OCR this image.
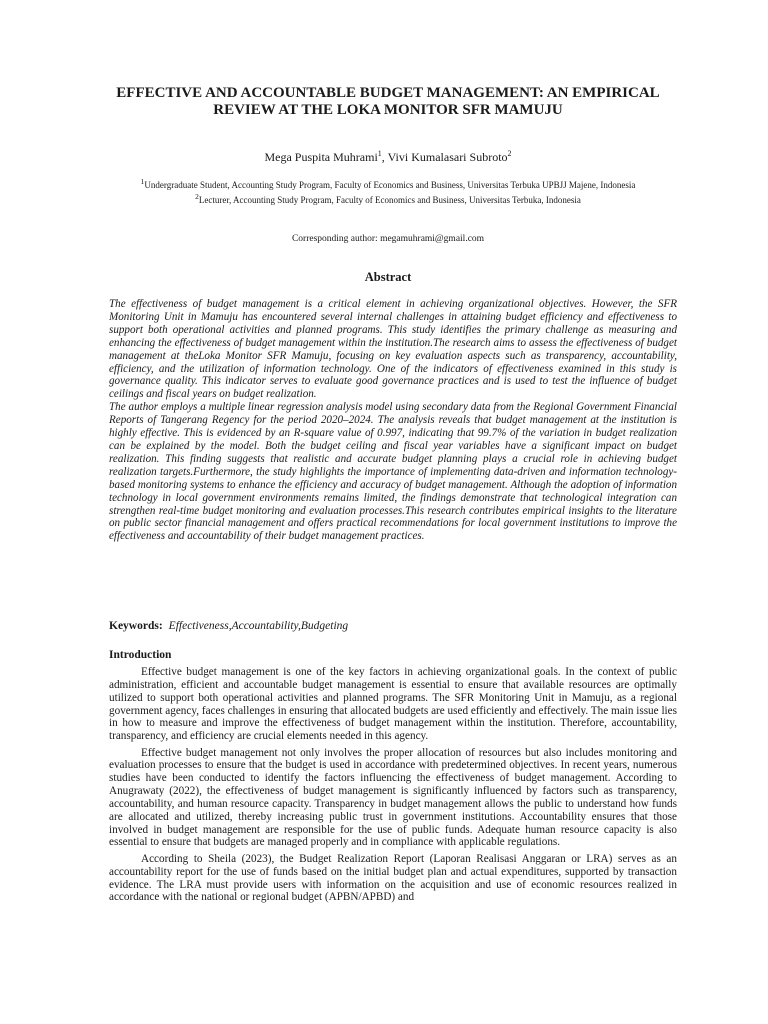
EFFECTIVE AND ACCOUNTABLE BUDGET MANAGEMENT: AN EMPIRICAL REVIEW AT THE LOKA MONITOR SFR MAMUJU
Mega Puspita Muhrami$^1$, Vivi Kumalasari Subroto$^2$

$^1$Undergraduate Student, Accounting Study Program, Faculty of Economics and Business, Universitas Terbuka UPBJJ Majene, Indonesia

$^2$Lecturer, Accounting Study Program, Faculty of Economics and Business, Universitas Terbuka, Indonesia

Corresponding author: megamuhrami@gmail.com
Abstract

The effectiveness of budget management is a critical element in achieving organizational objectives. However, the SFR Monitoring Unit in Mamuju has encountered several internal challenges in attaining budget efficiency and effectiveness to support both operational activities and planned programs. This study identifies the primary challenge as measuring and enhancing the effectiveness of budget management within the institution.The research aims to assess the effectiveness of budget management at theLoka Monitor SFR Mamuju, focusing on key evaluation aspects such as transparency, accountability, efficiency, and the utilization of information technology. One of the indicators of effectiveness examined in this study is governance quality. This indicator serves to evaluate good governance practices and is used to test the influence of budget ceilings and fiscal years on budget realization.

The author employs a multiple linear regression analysis model using secondary data from the Regional Government Financial Reports of Tangerang Regency for the period 2020–2024. The analysis reveals that budget management at the institution is highly effective. This is evidenced by an R-square value of 0.997, indicating that 99.7% of the variation in budget realization can be explained by the model. Both the budget ceiling and fiscal year variables have a significant impact on budget realization. This finding suggests that realistic and accurate budget planning plays a crucial role in achieving budget realization targets.Furthermore, the study highlights the importance of implementing data-driven and information technology-based monitoring systems to enhance the efficiency and accuracy of budget management. Although the adoption of information technology in local government environments remains limited, the findings demonstrate that technological integration can strengthen real-time budget monitoring and evaluation processes.This research contributes empirical insights to the literature on public sector financial management and offers practical recommendations for local government institutions to improve the effectiveness and accountability of their budget management practices.

Keywords: Effectiveness,Accountability,Budgeting
Introduction

Effective budget management is one of the key factors in achieving organizational goals. In the context of public administration, efficient and accountable budget management is essential to ensure that available resources are optimally utilized to support both operational activities and planned programs. The SFR Monitoring Unit in Mamuju, as a regional government agency, faces challenges in ensuring that allocated budgets are used efficiently and effectively. The main issue lies in how to measure and improve the effectiveness of budget management within the institution. Therefore, accountability, transparency, and efficiency are crucial elements needed in this agency.

Effective budget management not only involves the proper allocation of resources but also includes monitoring and evaluation processes to ensure that the budget is used in accordance with predetermined objectives. In recent years, numerous studies have been conducted to identify the factors influencing the effectiveness of budget management. According to Anugrawaty (2022), the effectiveness of budget management is significantly influenced by factors such as transparency, accountability, and human resource capacity. Transparency in budget management allows the public to understand how funds are allocated and utilized, thereby increasing public trust in government institutions. Accountability ensures that those involved in budget management are responsible for the use of public funds. Adequate human resource capacity is also essential to ensure that budgets are managed properly and in compliance with applicable regulations.

According to Sheila (2023), the Budget Realization Report (Laporan Realisasi Anggaran or LRA) serves as an accountability report for the use of funds based on the initial budget plan and actual expenditures, supported by transaction evidence. The LRA must provide users with information on the acquisition and use of economic resources realized in accordance with the national or regional budget (APBN/APBD) and
